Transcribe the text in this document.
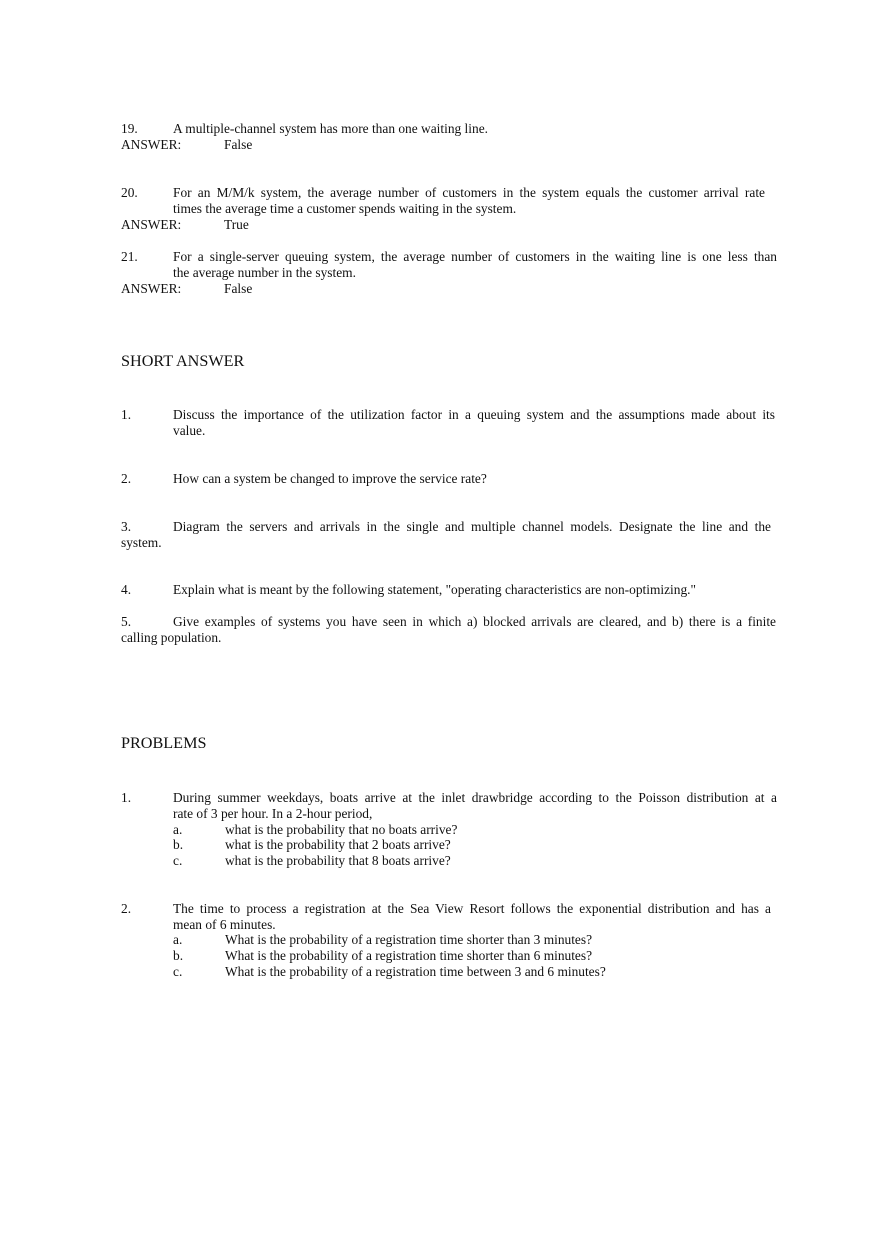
19.	A multiple-channel system has more than one waiting line.
ANSWER:	False
20.	For an M/M/k system, the average number of customers in the system equals the customer arrival rate
times the average time a customer spends waiting in the system.
ANSWER:	True
21.	For a single-server queuing system, the average number of customers in the waiting line is one less than
the average number in the system.
ANSWER:	False
SHORT ANSWER
1.	Discuss the importance of the utilization factor in a queuing system and the assumptions made about its
value.
2.	How can a system be changed to improve the service rate?
3.	Diagram the servers and arrivals in the single and multiple channel models. Designate the line and the
system.
4.	Explain what is meant by the following statement, "operating characteristics are non-optimizing."
5.	Give examples of systems you have seen in which a) blocked arrivals are cleared, and b) there is a finite
calling population.
PROBLEMS
1.	During summer weekdays, boats arrive at the inlet drawbridge according to the Poisson distribution at a
rate of 3 per hour. In a 2-hour period,
a.	what is the probability that no boats arrive?
b.	what is the probability that 2 boats arrive?
c.	what is the probability that 8 boats arrive?
2.	The time to process a registration at the Sea View Resort follows the exponential distribution and has a
mean of 6 minutes.
a.	What is the probability of a registration time shorter than 3 minutes?
b.	What is the probability of a registration time shorter than 6 minutes?
c.	What is the probability of a registration time between 3 and 6 minutes?
